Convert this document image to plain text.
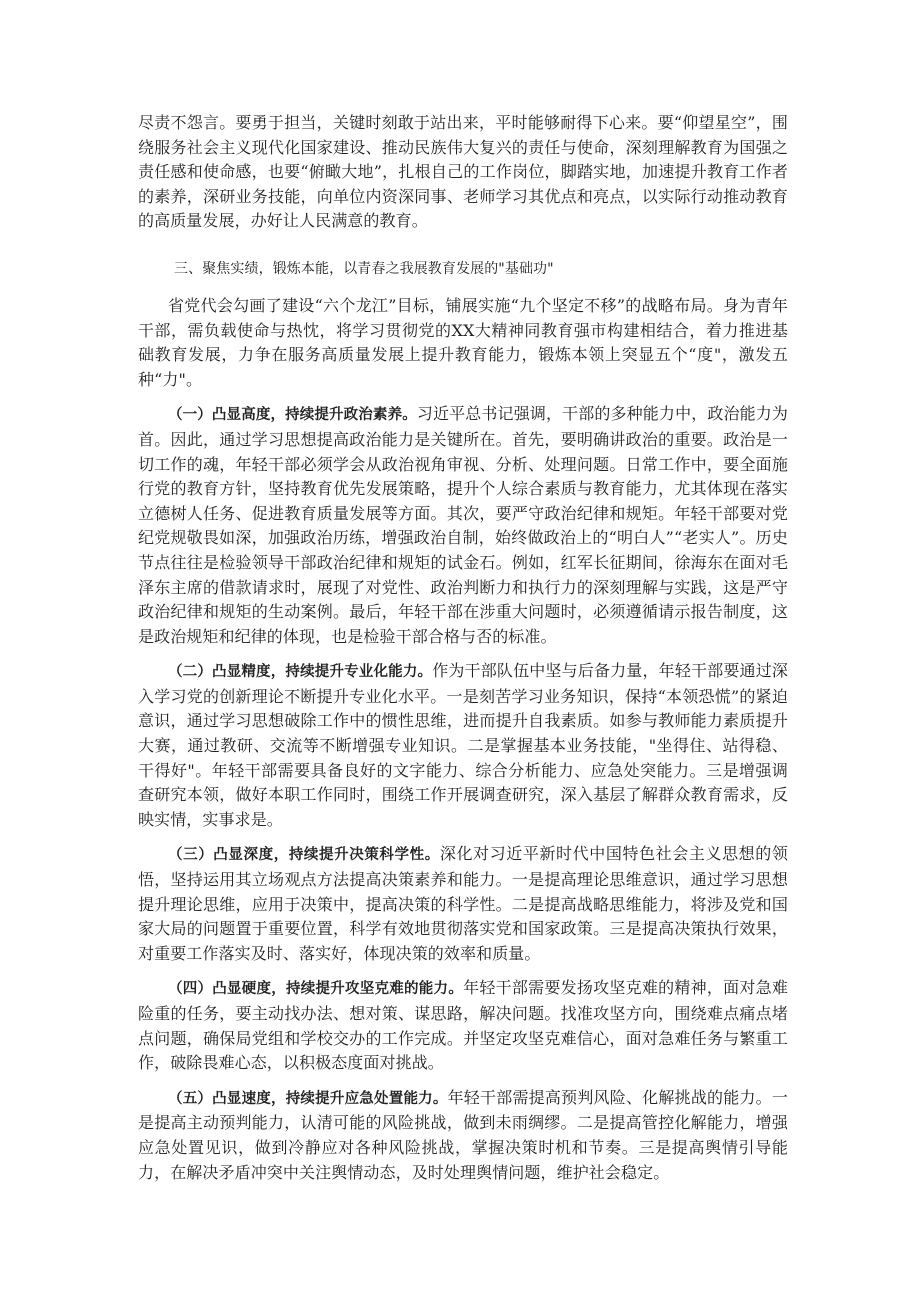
尽责不怨言。要勇于担当，关键时刻敢于站出来，平时能够耐得下心来。要“仰望星空”，围绕服务社会主义现代化国家建设、推动民族伟大复兴的责任与使命，深刻理解教育为国强之责任感和使命感，也要“俯瞰大地”，扎根自己的工作岗位，脚踏实地，加速提升教育工作者的素养，深研业务技能，向单位内资深同事、老师学习其优点和亮点，以实际行动推动教育的高质量发展，办好让人民满意的教育。

三、聚焦实绩，锻炼本能，以青春之我展教育发展的"基础功"

省党代会勾画了建设“六个龙江”目标，铺展实施“九个坚定不移”的战略布局。身为青年干部，需负载使命与热忱，将学习贯彻党的XX大精神同教育强市构建相结合，着力推进基础教育发展，力争在服务高质量发展上提升教育能力，锻炼本领上突显五个“度"，激发五种“力"。

（一）凸显高度，持续提升政治素养。习近平总书记强调，干部的多种能力中，政治能力为首。因此，通过学习思想提高政治能力是关键所在。首先，要明确讲政治的重要。政治是一切工作的魂，年轻干部必须学会从政治视角审视、分析、处理问题。日常工作中，要全面施行党的教育方针，坚持教育优先发展策略，提升个人综合素质与教育能力，尤其体现在落实立德树人任务、促进教育质量发展等方面。其次，要严守政治纪律和规矩。年轻干部要对党纪党规敬畏如深，加强政治历练，增强政治自制，始终做政治上的“明白人”“老实人”。历史节点往往是检验领导干部政治纪律和规矩的试金石。例如，红军长征期间，徐海东在面对毛泽东主席的借款请求时，展现了对党性、政治判断力和执行力的深刻理解与实践，这是严守政治纪律和规矩的生动案例。最后，年轻干部在涉重大问题时，必须遵循请示报告制度，这是政治规矩和纪律的体现，也是检验干部合格与否的标准。

（二）凸显精度，持续提升专业化能力。作为干部队伍中坚与后备力量，年轻干部要通过深入学习党的创新理论不断提升专业化水平。一是刻苦学习业务知识，保持“本领恐慌”的紧迫意识，通过学习思想破除工作中的惯性思维，进而提升自我素质。如参与教师能力素质提升大赛，通过教研、交流等不断增强专业知识。二是掌握基本业务技能，"坐得住、站得稳、干得好"。年轻干部需要具备良好的文字能力、综合分析能力、应急处突能力。三是增强调查研究本领，做好本职工作同时，围绕工作开展调查研究，深入基层了解群众教育需求，反映实情，实事求是。

（三）凸显深度，持续提升决策科学性。深化对习近平新时代中国特色社会主义思想的领悟，坚持运用其立场观点方法提高决策素养和能力。一是提高理论思维意识，通过学习思想提升理论思维，应用于决策中，提高决策的科学性。二是提高战略思维能力，将涉及党和国家大局的问题置于重要位置，科学有效地贯彻落实党和国家政策。三是提高决策执行效果，对重要工作落实及时、落实好，体现决策的效率和质量。

（四）凸显硬度，持续提升攻坚克难的能力。年轻干部需要发扬攻坚克难的精神，面对急难险重的任务，要主动找办法、想对策、谋思路，解决问题。找准攻坚方向，围绕难点痛点堵点问题，确保局党组和学校交办的工作完成。并坚定攻坚克难信心，面对急难任务与繁重工作，破除畏难心态，以积极态度面对挑战。

（五）凸显速度，持续提升应急处置能力。年轻干部需提高预判风险、化解挑战的能力。一是提高主动预判能力，认清可能的风险挑战，做到未雨绸缪。二是提高管控化解能力，增强应急处置见识，做到冷静应对各种风险挑战，掌握决策时机和节奏。三是提高舆情引导能力，在解决矛盾冲突中关注舆情动态，及时处理舆情问题，维护社会稳定。
